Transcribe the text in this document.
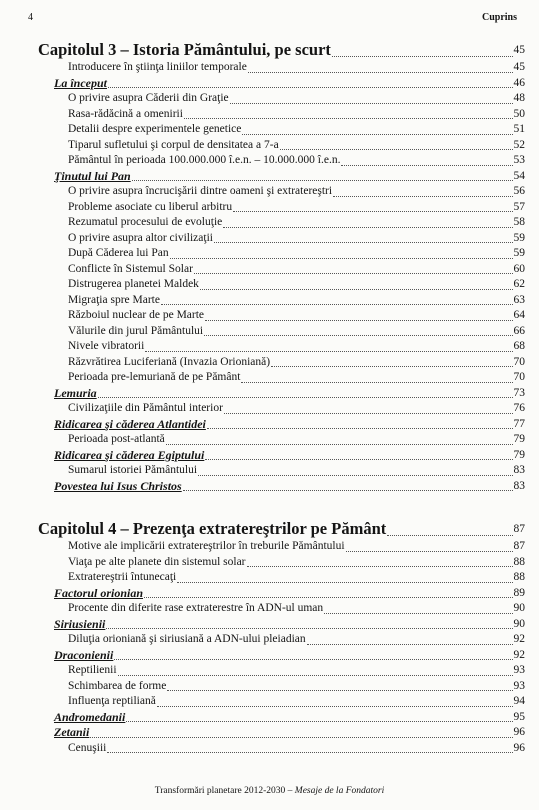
4	Cuprins
Capitolul 3 – Istoria Pământului, pe scurt	45
Introducere în ştiinţa liniilor temporale	45
La început	46
O privire asupra Căderii din Graţie	48
Rasa-rădăcină a omenirii	50
Detalii despre experimentele genetice	51
Tiparul sufletului şi corpul de densitatea a 7-a	52
Pământul în perioada 100.000.000 î.e.n. – 10.000.000 î.e.n.	53
Ţinutul lui Pan	54
O privire asupra încrucişării dintre oameni şi extratereştri	56
Probleme asociate cu liberul arbitru	57
Rezumatul procesului de evoluţie	58
O privire asupra altor civilizaţii	59
După Căderea lui Pan	59
Conflicte în Sistemul Solar	60
Distrugerea planetei Maldek	62
Migraţia spre Marte	63
Războiul nuclear de pe Marte	64
Vălurile din jurul Pământului	66
Nivele vibratorii	68
Răzvrătirea Luciferiană (Invazia Orioniană)	70
Perioada pre-lemuriană de pe Pământ	70
Lemuria	73
Civilizaţiile din Pământul interior	76
Ridicarea şi căderea Atlantidei	77
Perioada post-atlantă	79
Ridicarea şi căderea Egiptului	79
Sumarul istoriei Pământului	83
Povestea lui Isus Christos	83
Capitolul 4 – Prezenţa extratereştrilor pe Pământ	87
Motive ale implicării extratereştrilor în treburile Pământului	87
Viaţa pe alte planete din sistemul solar	88
Extratereştrii întunecaţi	88
Factorul orionian	89
Procente din diferite rase extraterestre în ADN-ul uman	90
Siriusienii	90
Diluţia orioniană şi siriusiană a ADN-ului pleiadian	92
Draconienii	92
Reptilienii	93
Schimbarea de forme	93
Influenţa reptiliană	94
Andromedanii	95
Zetanii	96
Cenuşiii	96
Transformări planetare 2012-2030 – Mesaje de la Fondatori
